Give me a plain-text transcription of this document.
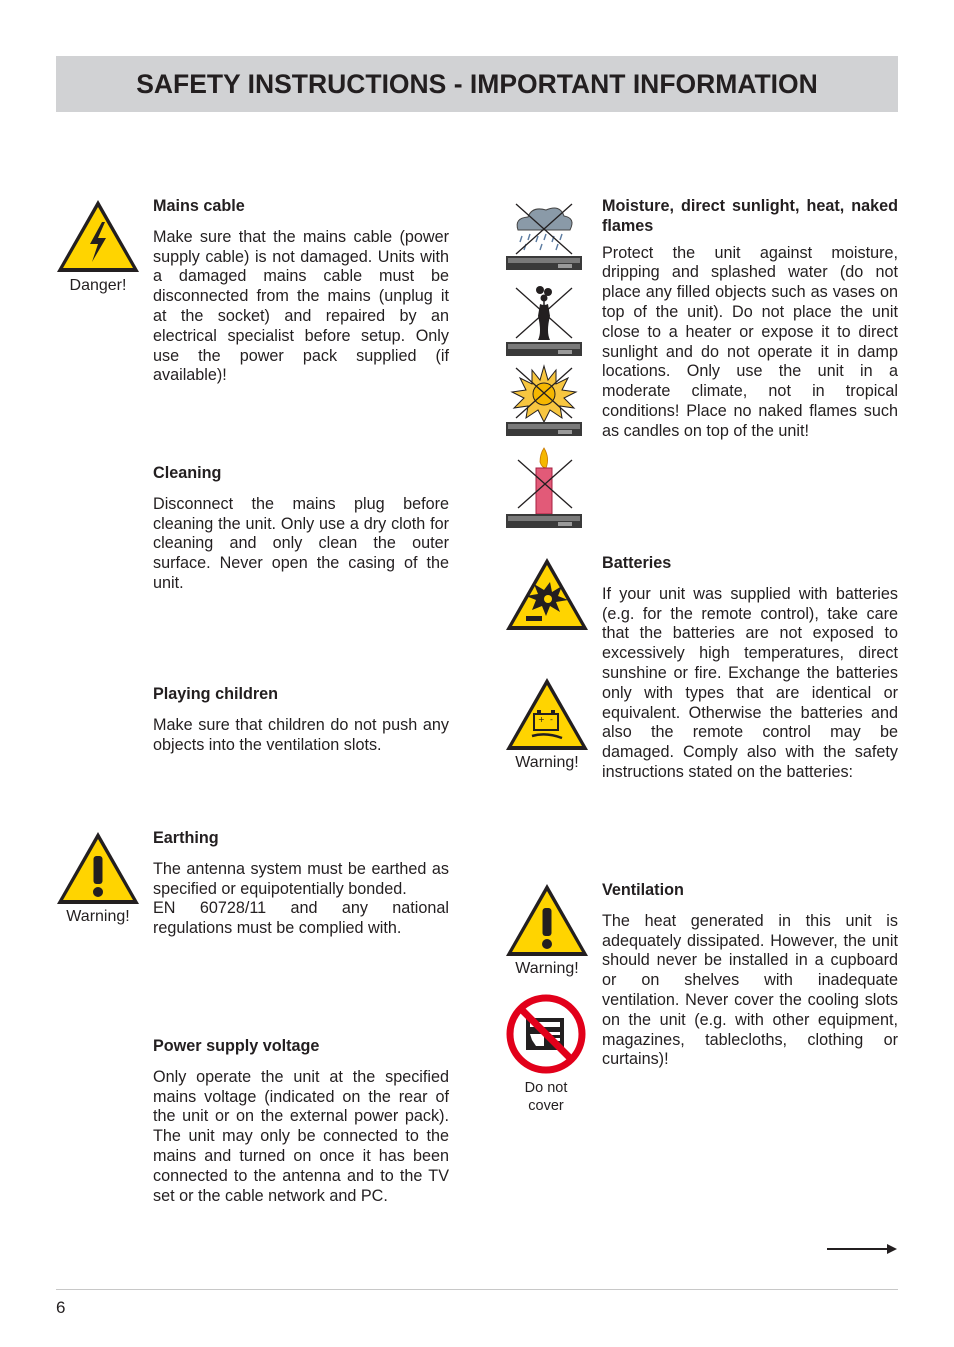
SAFETY INSTRUCTIONS - IMPORTANT INFORMATION
Danger!
Mains cable

Make sure that the mains cable (power supply cable) is not damaged. Units with a damaged mains cable must be disconnected from the mains (unplug it at the socket) and repaired by an electrical specialist before setup. Only use the power pack supplied (if available)!

Cleaning

Disconnect the mains plug before cleaning the unit. Only use a dry cloth for cleaning and only clean the outer surface. Never open the casing of the unit.

Playing children

Make sure that children do not push any objects into the ventilation slots.

Warning!
Earthing

The antenna system must be earthed as specified or equipotentially bonded.

EN 60728/11 and any national regulations must be complied with.

Power supply voltage

Only operate the unit at the specified mains voltage (indicated on the rear of the unit or on the external power pack). The unit may only be connected to the mains and turned on once it has been connected to the antenna and to the TV set or the cable network and PC.

Moisture, direct sunlight, heat, naked flames

Protect the unit against moisture, dripping and splashed water (do not place any filled objects such as vases on top of the unit). Do not place the unit close to a heater or expose it to direct sunlight and do not operate it in damp locations. Only use the unit in a moderate climate, not in tropical conditions! Place no naked flames such as candles on top of the unit!

+ -
Warning!
Batteries

If your unit was supplied with batteries (e.g. for the remote control), take care that the batteries are not exposed to excessively high temperatures, direct sunshine or fire. Exchange the batteries only with types that are identical or equivalent. Otherwise the batteries and also the remote control may be damaged. Comply also with the safety instructions stated on the batteries:

Warning!
Do not
cover
Ventilation

The heat generated in this unit is adequately dissipated. However, the unit should never be installed in a cupboard or on shelves with inadequate ventilation. Never cover the cooling slots on the unit (e.g. with other equipment, magazines, tablecloths, clothing or curtains)!

6
